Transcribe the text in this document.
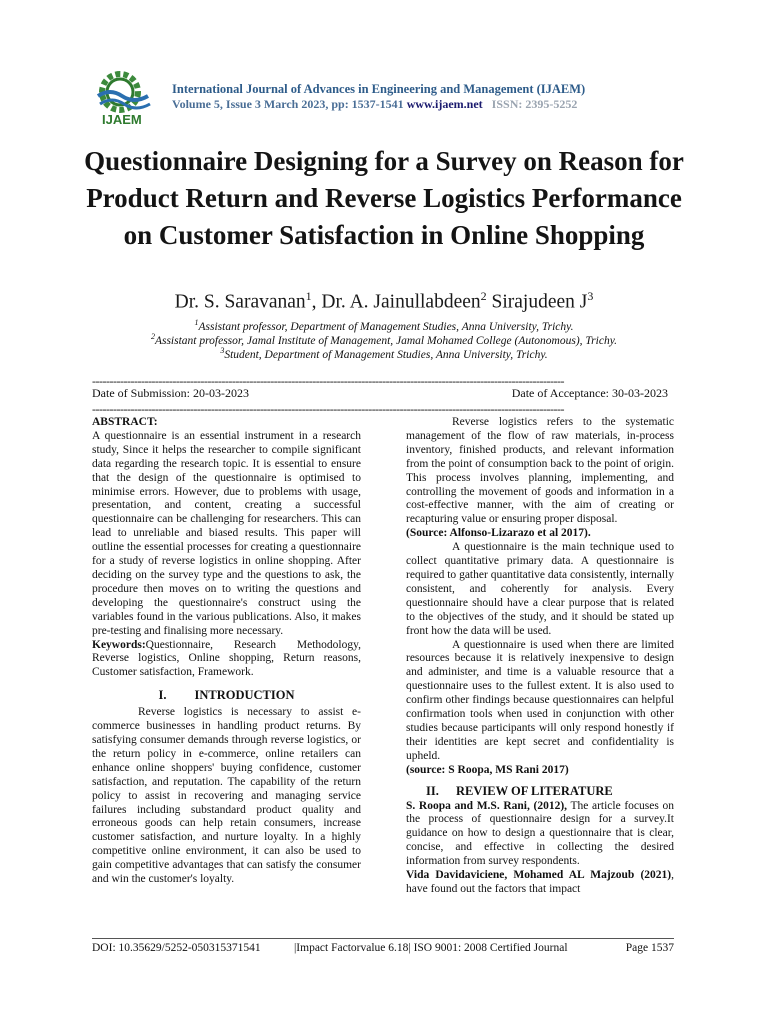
IJAEM
International Journal of Advances in Engineering and Management (IJAEM)
Volume 5, Issue 3 March 2023, pp: 1537-1541 www.ijaem.net ISSN: 2395-5252
Questionnaire Designing for a Survey on Reason for Product Return and Reverse Logistics Performance on Customer Satisfaction in Online Shopping
Dr. S. Saravanan$^1$, Dr. A. Jainullabdeen$^2$ Sirajudeen $J^3$
$^1$Assistant professor, Department of Management Studies, Anna University, Trichy.
$^2$Assistant professor, Jamal Institute of Management, Jamal Mohamed College (Autonomous), Trichy.
$^3$Student, Department of Management Studies, Anna University, Trichy.
---------------------------------------------------------------------------------------------------------------------------------------
Date of Submission: 20-03-2023	Date of Acceptance: 30-03-2023
---------------------------------------------------------------------------------------------------------------------------------------

ABSTRACT:

A questionnaire is an essential instrument in a research study, Since it helps the researcher to compile significant data regarding the research topic. It is essential to ensure that the design of the questionnaire is optimised to minimise errors. However, due to problems with usage, presentation, and content, creating a successful questionnaire can be challenging for researchers. This can lead to unreliable and biased results. This paper will outline the essential processes for creating a questionnaire for a study of reverse logistics in online shopping. After deciding on the survey type and the questions to ask, the procedure then moves on to writing the questions and developing the questionnaire's construct using the variables found in the various publications. Also, it makes pre-testing and finalising more necessary.

Keywords:Questionnaire, Research Methodology, Reverse logistics, Online shopping, Return reasons, Customer satisfaction, Framework.

I. INTRODUCTION

Reverse logistics is necessary to assist e-commerce businesses in handling product returns. By satisfying consumer demands through reverse logistics, or the return policy in e-commerce, online retailers can enhance online shoppers' buying confidence, customer satisfaction, and reputation. The capability of the return policy to assist in recovering and managing service failures including substandard product quality and erroneous goods can help retain consumers, increase customer satisfaction, and nurture loyalty. In a highly competitive online environment, it can also be used to gain competitive advantages that can satisfy the consumer and win the customer's loyalty.

Reverse logistics refers to the systematic management of the flow of raw materials, in-process inventory, finished products, and relevant information from the point of consumption back to the point of origin. This process involves planning, implementing, and controlling the movement of goods and information in a cost-effective manner, with the aim of creating or recapturing value or ensuring proper disposal.

(Source: Alfonso-Lizarazo et al 2017).

A questionnaire is the main technique used to collect quantitative primary data. A questionnaire is required to gather quantitative data consistently, internally consistent, and coherently for analysis. Every questionnaire should have a clear purpose that is related to the objectives of the study, and it should be stated up front how the data will be used.

A questionnaire is used when there are limited resources because it is relatively inexpensive to design and administer, and time is a valuable resource that a questionnaire uses to the fullest extent. It is also used to confirm other findings because questionnaires can helpful confirmation tools when used in conjunction with other studies because participants will only respond honestly if their identities are kept secret and confidentiality is upheld.

(source: S Roopa, MS Rani 2017)

II. REVIEW OF LITERATURE

S. Roopa and M.S. Rani, (2012), The article focuses on the process of questionnaire design for a survey.It guidance on how to design a questionnaire that is clear, concise, and effective in collecting the desired information from survey respondents.

Vida Davidaviciene, Mohamed AL Majzoub (2021), have found out the factors that impact

DOI: 10.35629/5252-050315371541	|Impact Factorvalue 6.18| ISO 9001: 2008 Certified Journal	Page 1537
